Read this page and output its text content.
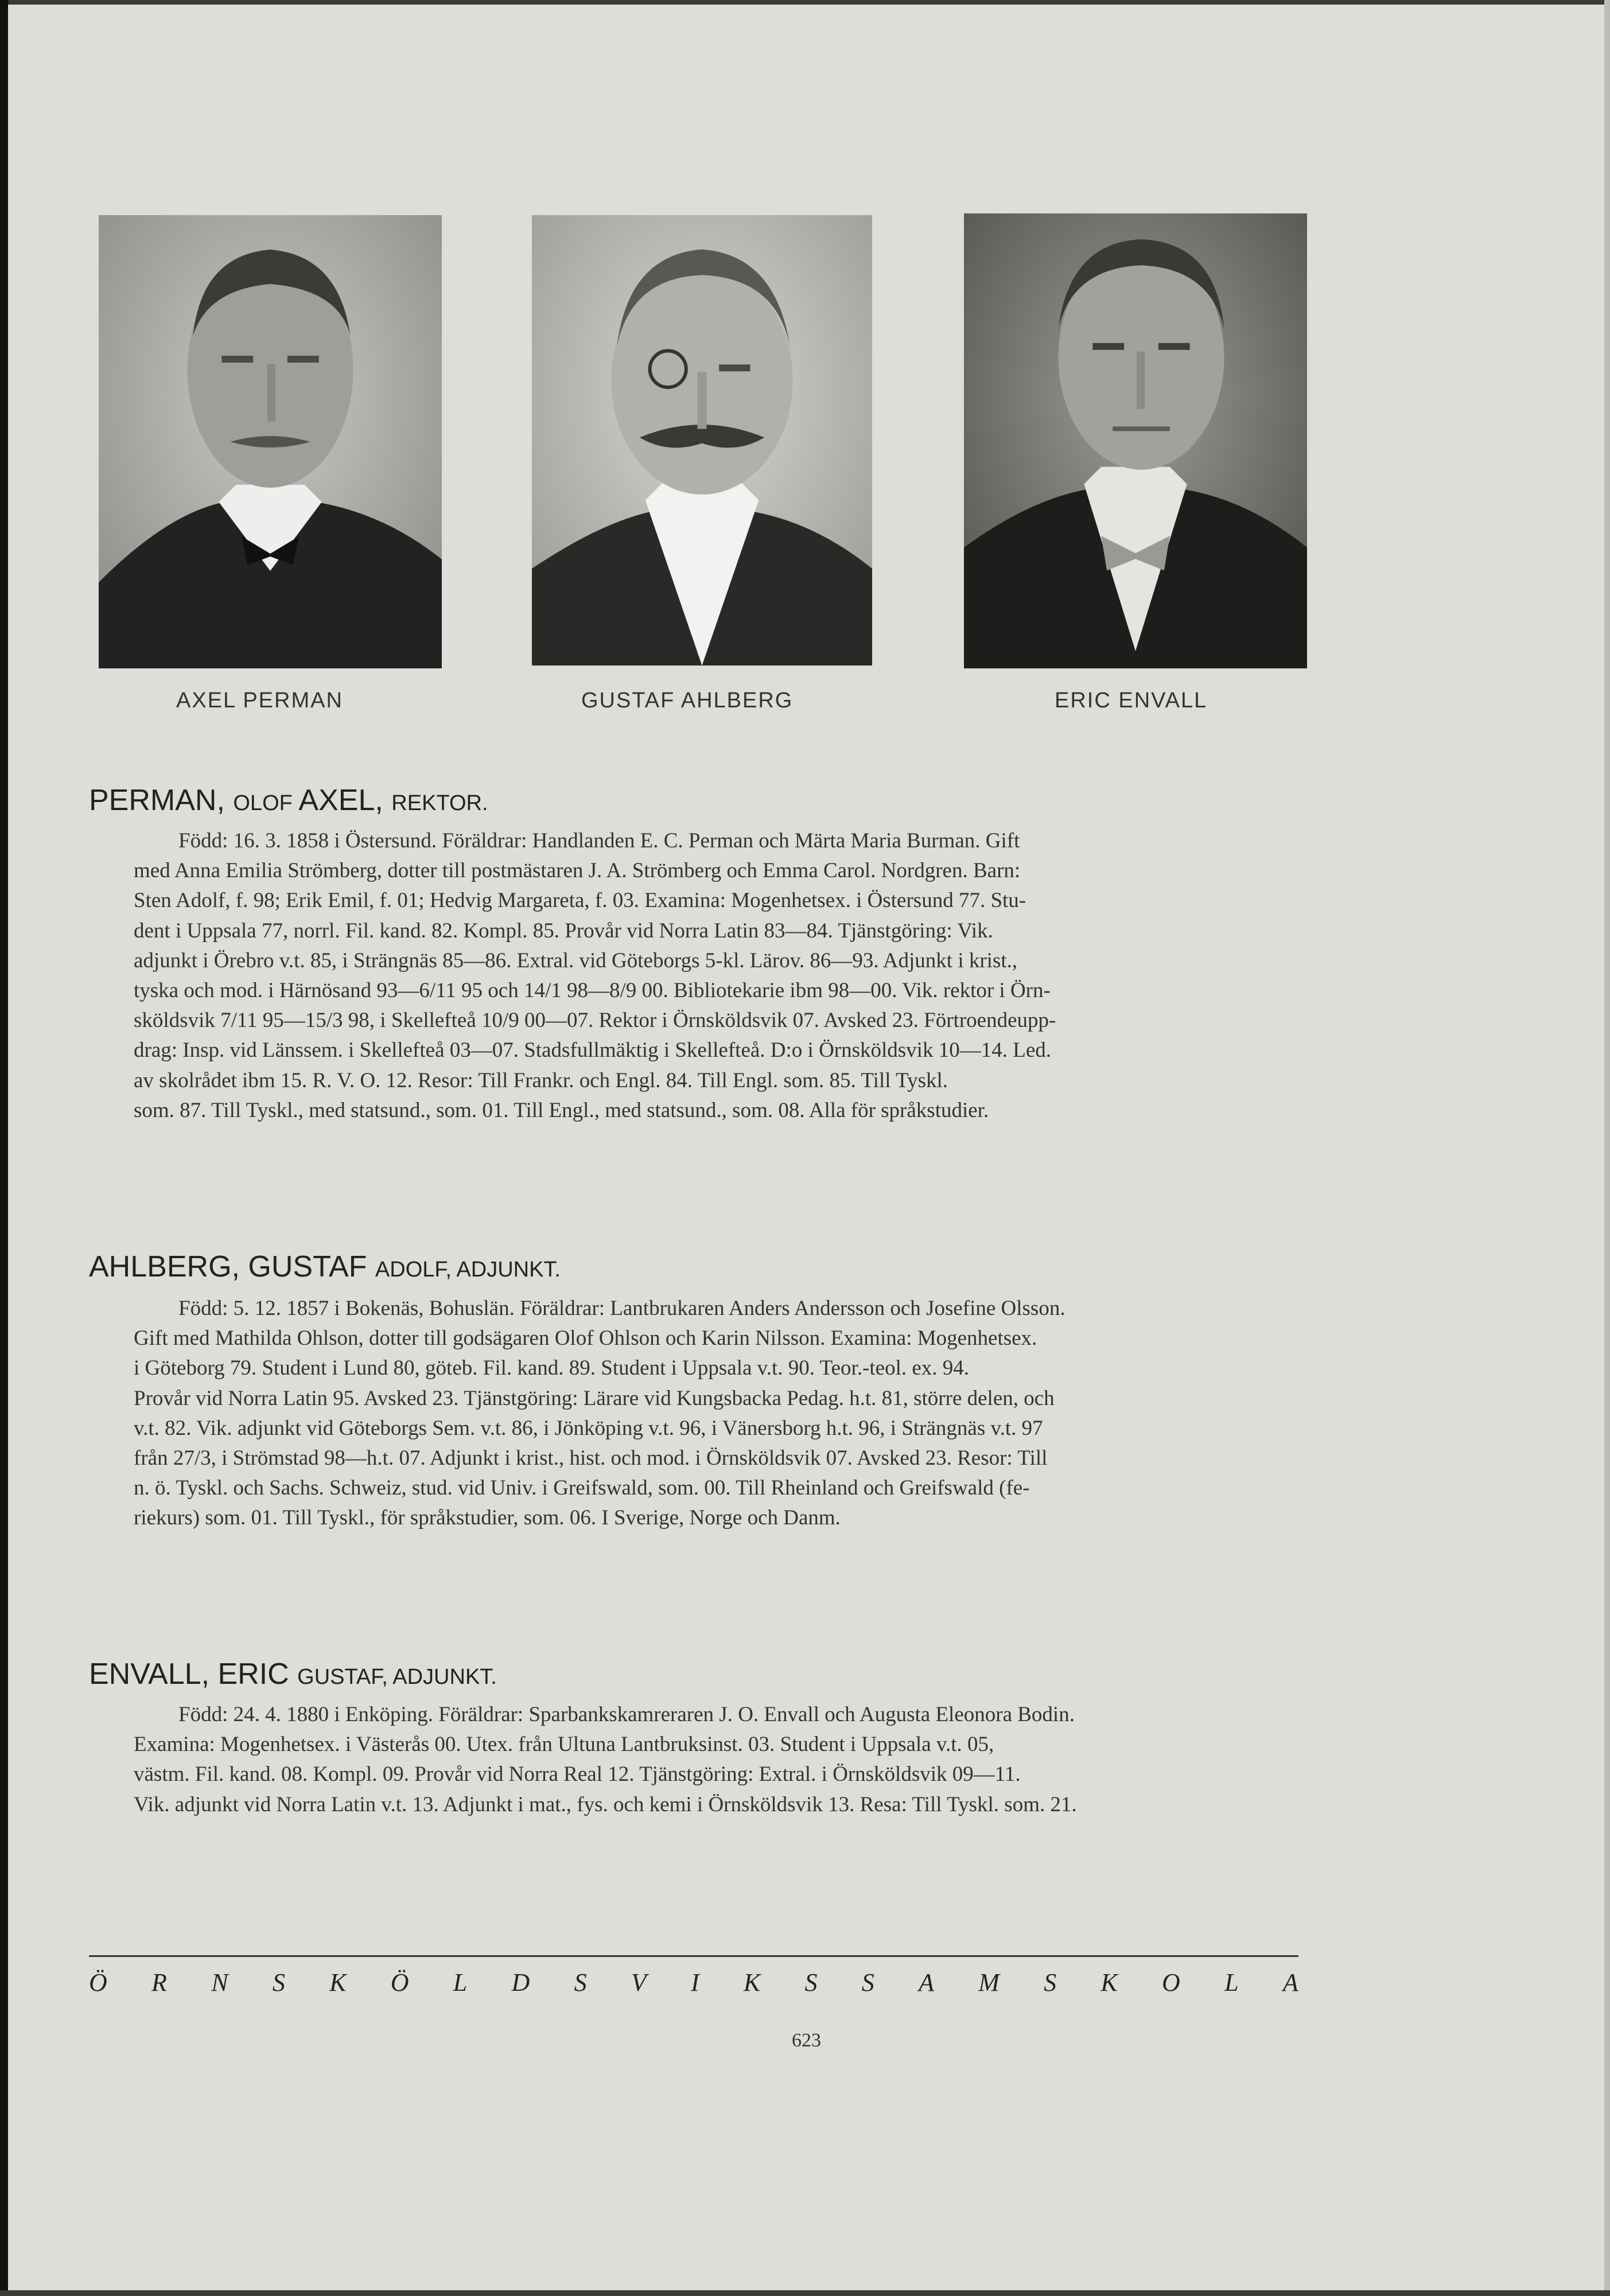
AXEL PERMAN	GUSTAF AHLBERG	ERIC ENVALL
PERMAN, OLOF AXEL, REKTOR.
Född: 16. 3. 1858 i Östersund. Föräldrar: Handlanden E. C. Perman och Märta Maria Burman. Gift
med Anna Emilia Strömberg, dotter till postmästaren J. A. Strömberg och Emma Carol. Nordgren. Barn:
Sten Adolf, f. 98; Erik Emil, f. 01; Hedvig Margareta, f. 03. Examina: Mogenhetsex. i Östersund 77. Stu-
dent i Uppsala 77, norrl. Fil. kand. 82. Kompl. 85. Provår vid Norra Latin 83—84. Tjänstgöring: Vik.
adjunkt i Örebro v.t. 85, i Strängnäs 85—86. Extral. vid Göteborgs 5-kl. Lärov. 86—93. Adjunkt i krist.,
tyska och mod. i Härnösand 93—6/11 95 och 14/1 98—8/9 00. Bibliotekarie ibm 98—00. Vik. rektor i Örn-
sköldsvik 7/11 95—15/3 98, i Skellefteå 10/9 00—07. Rektor i Örnsköldsvik 07. Avsked 23. Förtroendeupp-
drag: Insp. vid Länssem. i Skellefteå 03—07. Stadsfullmäktig i Skellefteå. D:o i Örnsköldsvik 10—14. Led.
av skolrådet ibm 15. R. V. O. 12. Resor: Till Frankr. och Engl. 84. Till Engl. som. 85. Till Tyskl.
som. 87. Till Tyskl., med statsund., som. 01. Till Engl., med statsund., som. 08. Alla för språkstudier.
AHLBERG, GUSTAF ADOLF, ADJUNKT.
Född: 5. 12. 1857 i Bokenäs, Bohuslän. Föräldrar: Lantbrukaren Anders Andersson och Josefine Olsson.
Gift med Mathilda Ohlson, dotter till godsägaren Olof Ohlson och Karin Nilsson. Examina: Mogenhetsex.
i Göteborg 79. Student i Lund 80, göteb. Fil. kand. 89. Student i Uppsala v.t. 90. Teor.-teol. ex. 94.
Provår vid Norra Latin 95. Avsked 23. Tjänstgöring: Lärare vid Kungsbacka Pedag. h.t. 81, större delen, och
v.t. 82. Vik. adjunkt vid Göteborgs Sem. v.t. 86, i Jönköping v.t. 96, i Vänersborg h.t. 96, i Strängnäs v.t. 97
från 27/3, i Strömstad 98—h.t. 07. Adjunkt i krist., hist. och mod. i Örnsköldsvik 07. Avsked 23. Resor: Till
n. ö. Tyskl. och Sachs. Schweiz, stud. vid Univ. i Greifswald, som. 00. Till Rheinland och Greifswald (fe-
riekurs) som. 01. Till Tyskl., för språkstudier, som. 06. I Sverige, Norge och Danm.
ENVALL, ERIC GUSTAF, ADJUNKT.
Född: 24. 4. 1880 i Enköping. Föräldrar: Sparbankskamreraren J. O. Envall och Augusta Eleonora Bodin.
Examina: Mogenhetsex. i Västerås 00. Utex. från Ultuna Lantbruksinst. 03. Student i Uppsala v.t. 05,
västm. Fil. kand. 08. Kompl. 09. Provår vid Norra Real 12. Tjänstgöring: Extral. i Örnsköldsvik 09—11.
Vik. adjunkt vid Norra Latin v.t. 13. Adjunkt i mat., fys. och kemi i Örnsköldsvik 13. Resa: Till Tyskl. som. 21.
Ö R N S K Ö L D S V I K S S A M S K O L A
623
